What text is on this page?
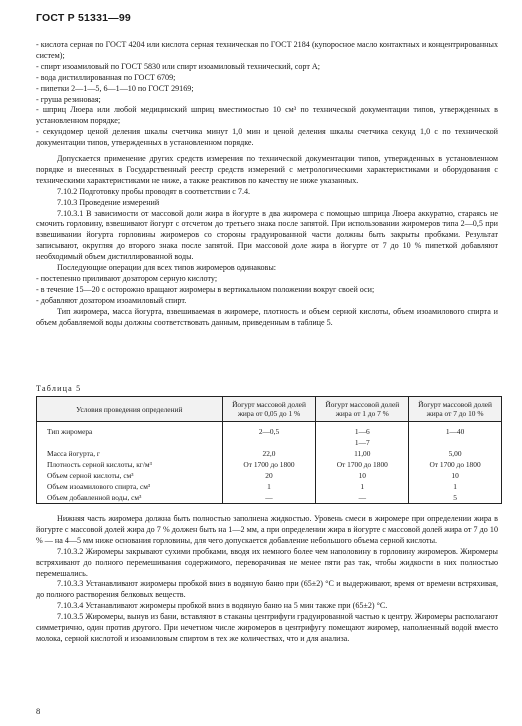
ГОСТ Р 51331—99

- кислота серная по ГОСТ 4204 или кислота серная техническая по ГОСТ 2184 (купоросное масло контактных и концентрированных систем);

- спирт изоамиловый по ГОСТ 5830 или спирт изоамиловый технический, сорт А;

- вода дистиллированная по ГОСТ 6709;

- пипетки 2—1—5, 6—1—10 по ГОСТ 29169;

- груша резиновая;

- шприц Люера или любой медицинский шприц вместимостью 10 см³ по технической документации типов, утвержденных в установленном порядке;

- секундомер ценой деления шкалы счетчика минут 1,0 мин и ценой деления шкалы счетчика секунд 1,0 с по технической документации типов, утвержденных в установленном порядке.

Допускается применение других средств измерения по технической документации типов, утвержденных в установленном порядке и внесенных в Государственный реестр средств измерений с метрологическими характеристиками и оборудования с техническими характеристиками не ниже, а также реактивов по качеству не ниже указанных.

7.10.2 Подготовку пробы проводят в соответствии с 7.4.

7.10.3 Проведение измерений

7.10.3.1 В зависимости от массовой доли жира в йогурте в два жиромера с помощью шприца Люера аккуратно, стараясь не смочить горловину, взвешивают йогурт с отсчетом до третьего знака после запятой. При использовании жиромеров типа 2—0,5 при взвешивании йогурта горловины жиромеров со стороны градуированной части должны быть закрыты пробками. Результат записывают, округляя до второго знака после запятой. При массовой доле жира в йогурте от 7 до 10 % пипеткой добавляют необходимый объем дистиллированной воды.

Последующие операции для всех типов жиромеров одинаковы:

- постепенно приливают дозатором серную кислоту;

- в течение 15—20 с осторожно вращают жиромеры в вертикальном положении вокруг своей оси;

- добавляют дозатором изоамиловый спирт.

Тип жиромера, масса йогурта, взвешиваемая в жиромере, плотность и объем серной кислоты, объем изоамилового спирта и объем добавляемой воды должны соответствовать данным, приведенным в таблице 5.

Таблица 5
Условия проведения определений	Йогурт массовой долей жира от 0,05 до 1 %	Йогурт массовой долей жира от 1 до 7 %	Йогурт массовой долей жира от 7 до 10 %

Тип жиромера	2—0,5	1—6	1—40
		1—7	
Масса йогурта, г	22,0	11,00	5,00
Плотность серной кислоты, кг/м³	От 1700 до 1800	От 1700 до 1800	От 1700 до 1800
Объем серной кислоты, см³	20	10	10
Объем изоамилового спирта, см³	1	1	1
Объем добавленной воды, см³	—	—	5

Нижняя часть жиромера должна быть полностью заполнена жидкостью. Уровень смеси в жиромере при определении жира в йогурте с массовой долей жира до 7 % должен быть на 1—2 мм, а при определении жира в йогурте с массовой долей жира от 7 до 10 % — на 4—5 мм ниже основания горловины, для чего допускается добавление небольшого объема серной кислоты.

7.10.3.2 Жиромеры закрывают сухими пробками, вводя их немного более чем наполовину в горловину жиромеров. Жиромеры встряхивают до полного перемешивания содержимого, переворачивая не менее пяти раз так, чтобы жидкости в них полностью перемешались.

7.10.3.3 Устанавливают жиромеры пробкой вниз в водяную баню при (65±2) °С и выдерживают, время от времени встряхивая, до полного растворения белковых веществ.

7.10.3.4 Устанавливают жиромеры пробкой вниз в водяную баню на 5 мин также при (65±2) °С.

7.10.3.5 Жиромеры, вынув из бани, вставляют в стаканы центрифуги градуированной частью к центру. Жиромеры располагают симметрично, один против другого. При нечетном числе жиромеров в центрифугу помещают жиромер, наполненный водой вместо молока, серной кислотой и изоамиловым спиртом в тех же количествах, что и для анализа.

8
